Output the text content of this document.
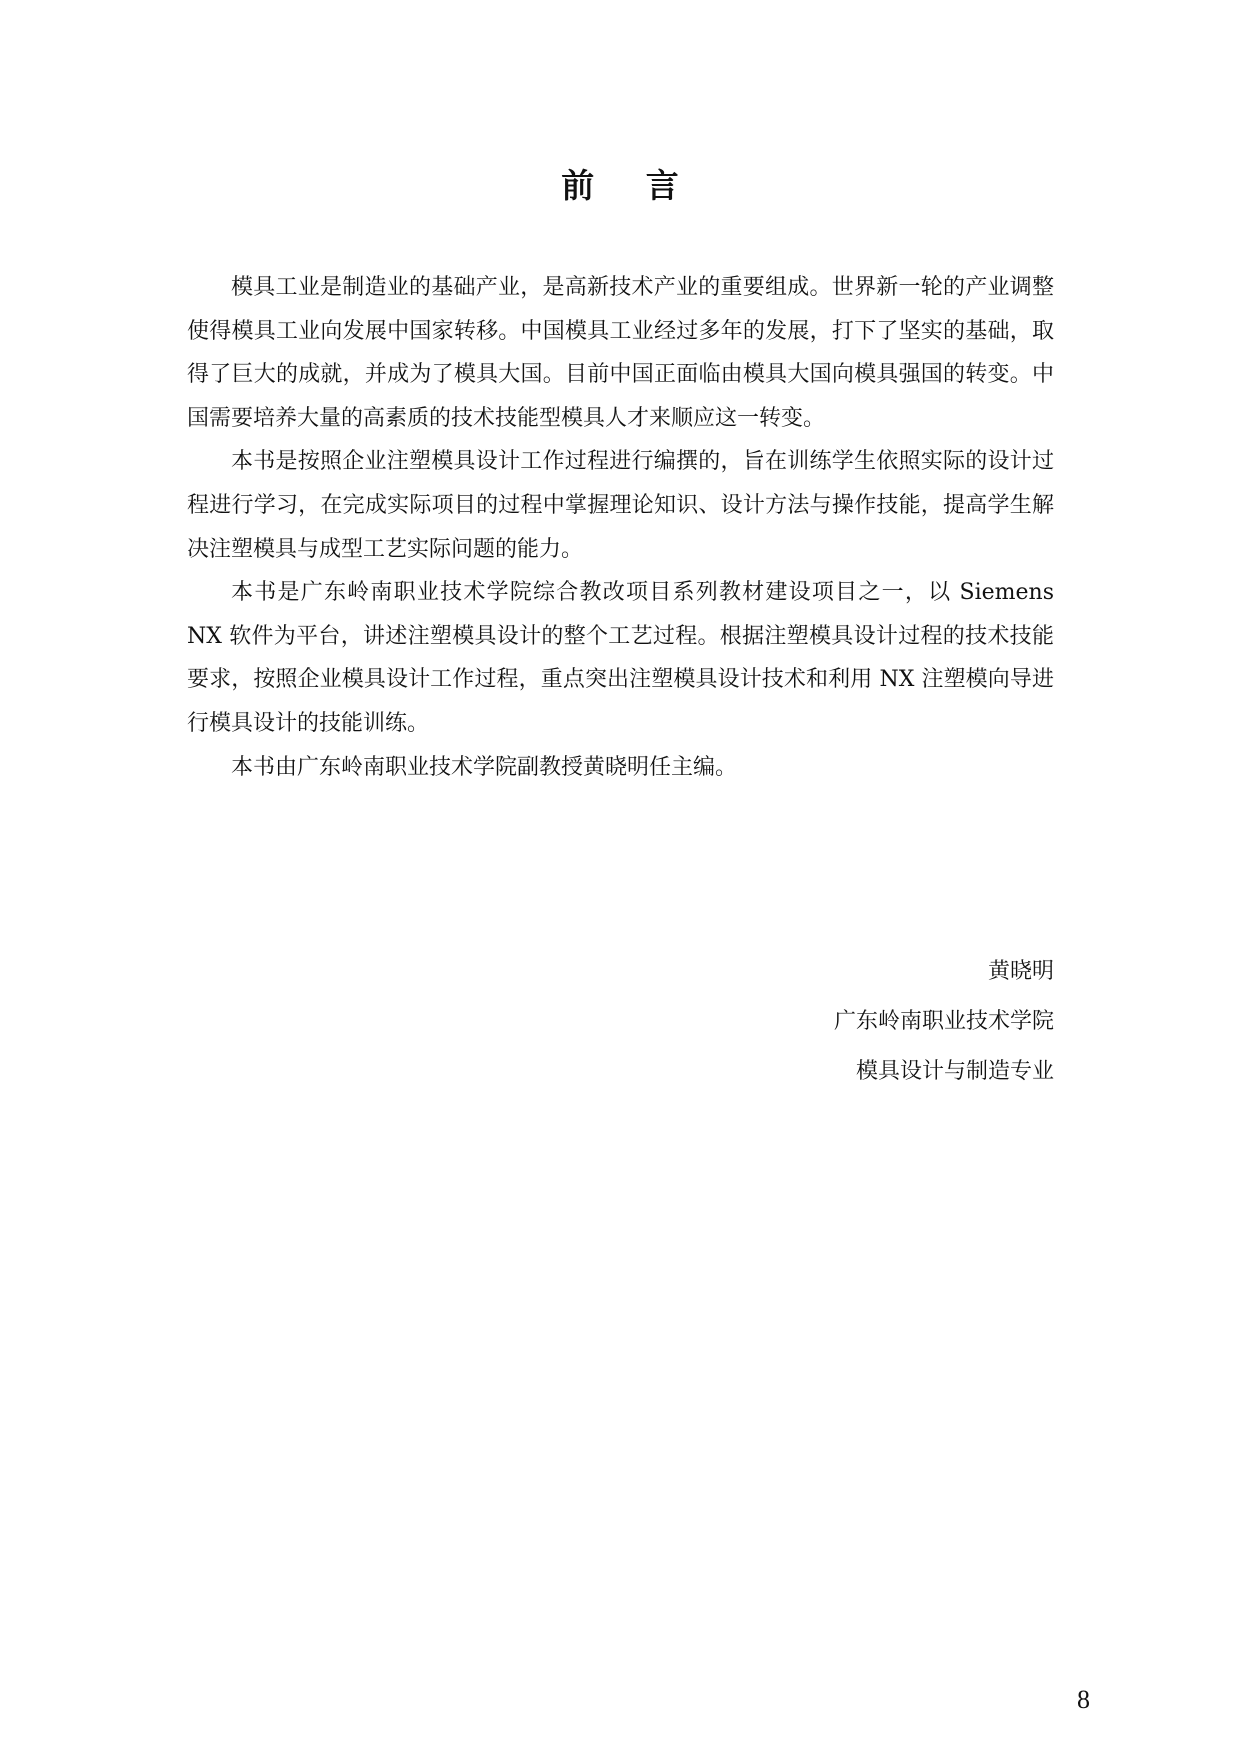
前 言

模具工业是制造业的基础产业，是高新技术产业的重要组成。世界新一轮的产业调整使得模具工业向发展中国家转移。中国模具工业经过多年的发展，打下了坚实的基础，取得了巨大的成就，并成为了模具大国。目前中国正面临由模具大国向模具强国的转变。中国需要培养大量的高素质的技术技能型模具人才来顺应这一转变。

本书是按照企业注塑模具设计工作过程进行编撰的，旨在训练学生依照实际的设计过程进行学习，在完成实际项目的过程中掌握理论知识、设计方法与操作技能，提高学生解决注塑模具与成型工艺实际问题的能力。

本书是广东岭南职业技术学院综合教改项目系列教材建设项目之一，以 Siemens NX 软件为平台，讲述注塑模具设计的整个工艺过程。根据注塑模具设计过程的技术技能要求，按照企业模具设计工作过程，重点突出注塑模具设计技术和利用 NX 注塑模向导进行模具设计的技能训练。

本书由广东岭南职业技术学院副教授黄晓明任主编。

黄晓明
广东岭南职业技术学院
模具设计与制造专业
8
